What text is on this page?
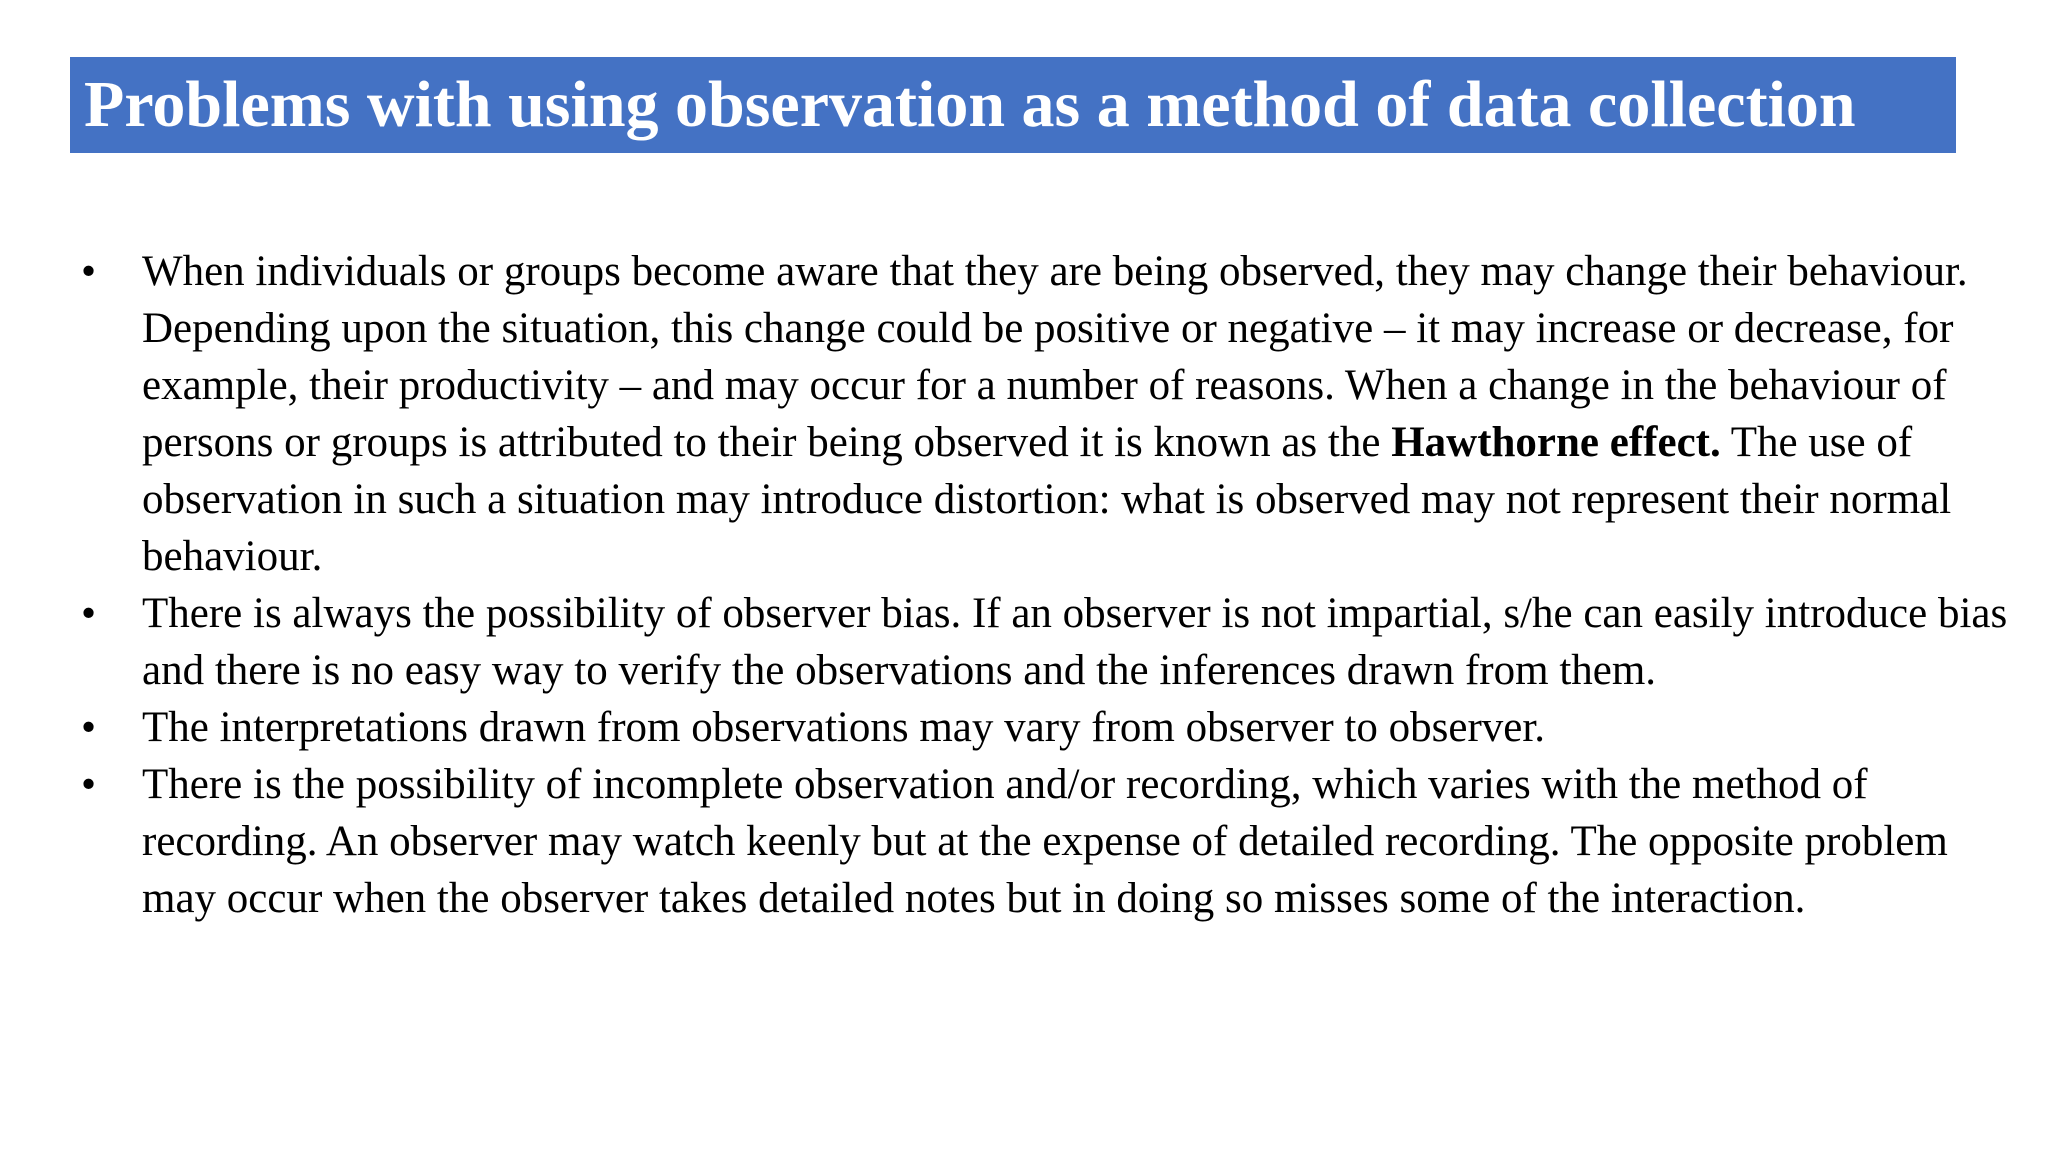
Problems with using observation as a method of data collection
• When individuals or groups become aware that they are being observed, they may change their behaviour. Depending upon the situation, this change could be positive or negative – it may increase or decrease, for example, their productivity – and may occur for a number of reasons. When a change in the behaviour of persons or groups is attributed to their being observed it is known as the Hawthorne effect. The use of observation in such a situation may introduce distortion: what is observed may not represent their normal behaviour.
• There is always the possibility of observer bias. If an observer is not impartial, s/he can easily introduce bias and there is no easy way to verify the observations and the inferences drawn from them.
• The interpretations drawn from observations may vary from observer to observer.
• There is the possibility of incomplete observation and/or recording, which varies with the method of recording. An observer may watch keenly but at the expense of detailed recording. The opposite problem may occur when the observer takes detailed notes but in doing so misses some of the interaction.
